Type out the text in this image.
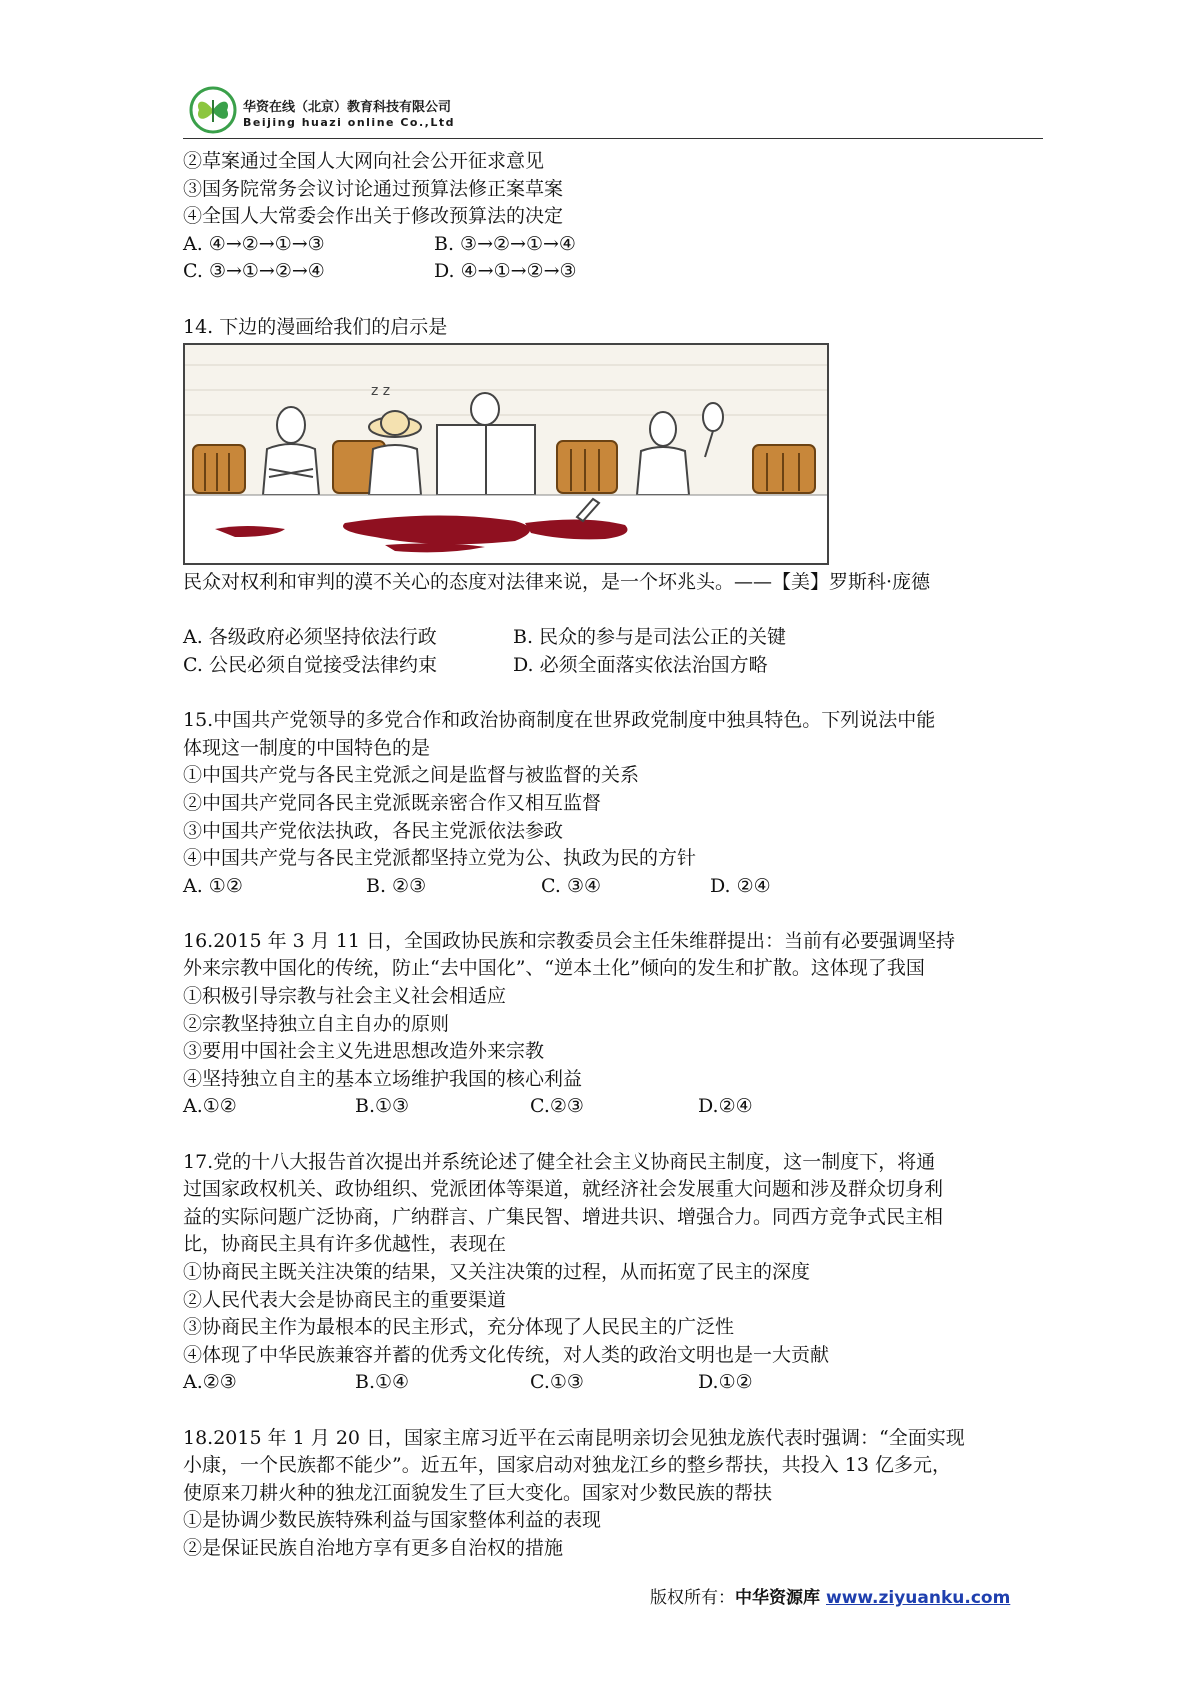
华资在线（北京）教育科技有限公司
Beijing huazi online Co.,Ltd
②草案通过全国人大网向社会公开征求意见
③国务院常务会议讨论通过预算法修正案草案
④全国人大常委会作出关于修改预算法的决定
A. ④→②→①→③	B. ③→②→①→④
C. ③→①→②→④	D. ④→①→②→③
14. 下边的漫画给我们的启示是
z z
民众对权利和审判的漠不关心的态度对法律来说，是一个坏兆头。——【美】罗斯科·庞德
A. 各级政府必须坚持依法行政	B. 民众的参与是司法公正的关键
C. 公民必须自觉接受法律约束	D. 必须全面落实依法治国方略
15.中国共产党领导的多党合作和政治协商制度在世界政党制度中独具特色。下列说法中能
体现这一制度的中国特色的是
①中国共产党与各民主党派之间是监督与被监督的关系
②中国共产党同各民主党派既亲密合作又相互监督
③中国共产党依法执政，各民主党派依法参政
④中国共产党与各民主党派都坚持立党为公、执政为民的方针
A. ①②	B. ②③	C. ③④	D. ②④
16.2015 年 3 月 11 日，全国政协民族和宗教委员会主任朱维群提出：当前有必要强调坚持
外来宗教中国化的传统，防止“去中国化”、“逆本土化”倾向的发生和扩散。这体现了我国
①积极引导宗教与社会主义社会相适应
②宗教坚持独立自主自办的原则
③要用中国社会主义先进思想改造外来宗教
④坚持独立自主的基本立场维护我国的核心利益
A.①②	B.①③	C.②③	D.②④
17.党的十八大报告首次提出并系统论述了健全社会主义协商民主制度，这一制度下，将通
过国家政权机关、政协组织、党派团体等渠道，就经济社会发展重大问题和涉及群众切身利
益的实际问题广泛协商，广纳群言、广集民智、增进共识、增强合力。同西方竞争式民主相
比，协商民主具有许多优越性，表现在
①协商民主既关注决策的结果，又关注决策的过程，从而拓宽了民主的深度
②人民代表大会是协商民主的重要渠道
③协商民主作为最根本的民主形式，充分体现了人民民主的广泛性
④体现了中华民族兼容并蓄的优秀文化传统，对人类的政治文明也是一大贡献
A.②③	B.①④	C.①③	D.①②
18.2015 年 1 月 20 日，国家主席习近平在云南昆明亲切会见独龙族代表时强调：“全面实现
小康，一个民族都不能少”。近五年，国家启动对独龙江乡的整乡帮扶，共投入 13 亿多元，
使原来刀耕火种的独龙江面貌发生了巨大变化。国家对少数民族的帮扶
①是协调少数民族特殊利益与国家整体利益的表现
②是保证民族自治地方享有更多自治权的措施
版权所有：中华资源库 www.ziyuanku.com
